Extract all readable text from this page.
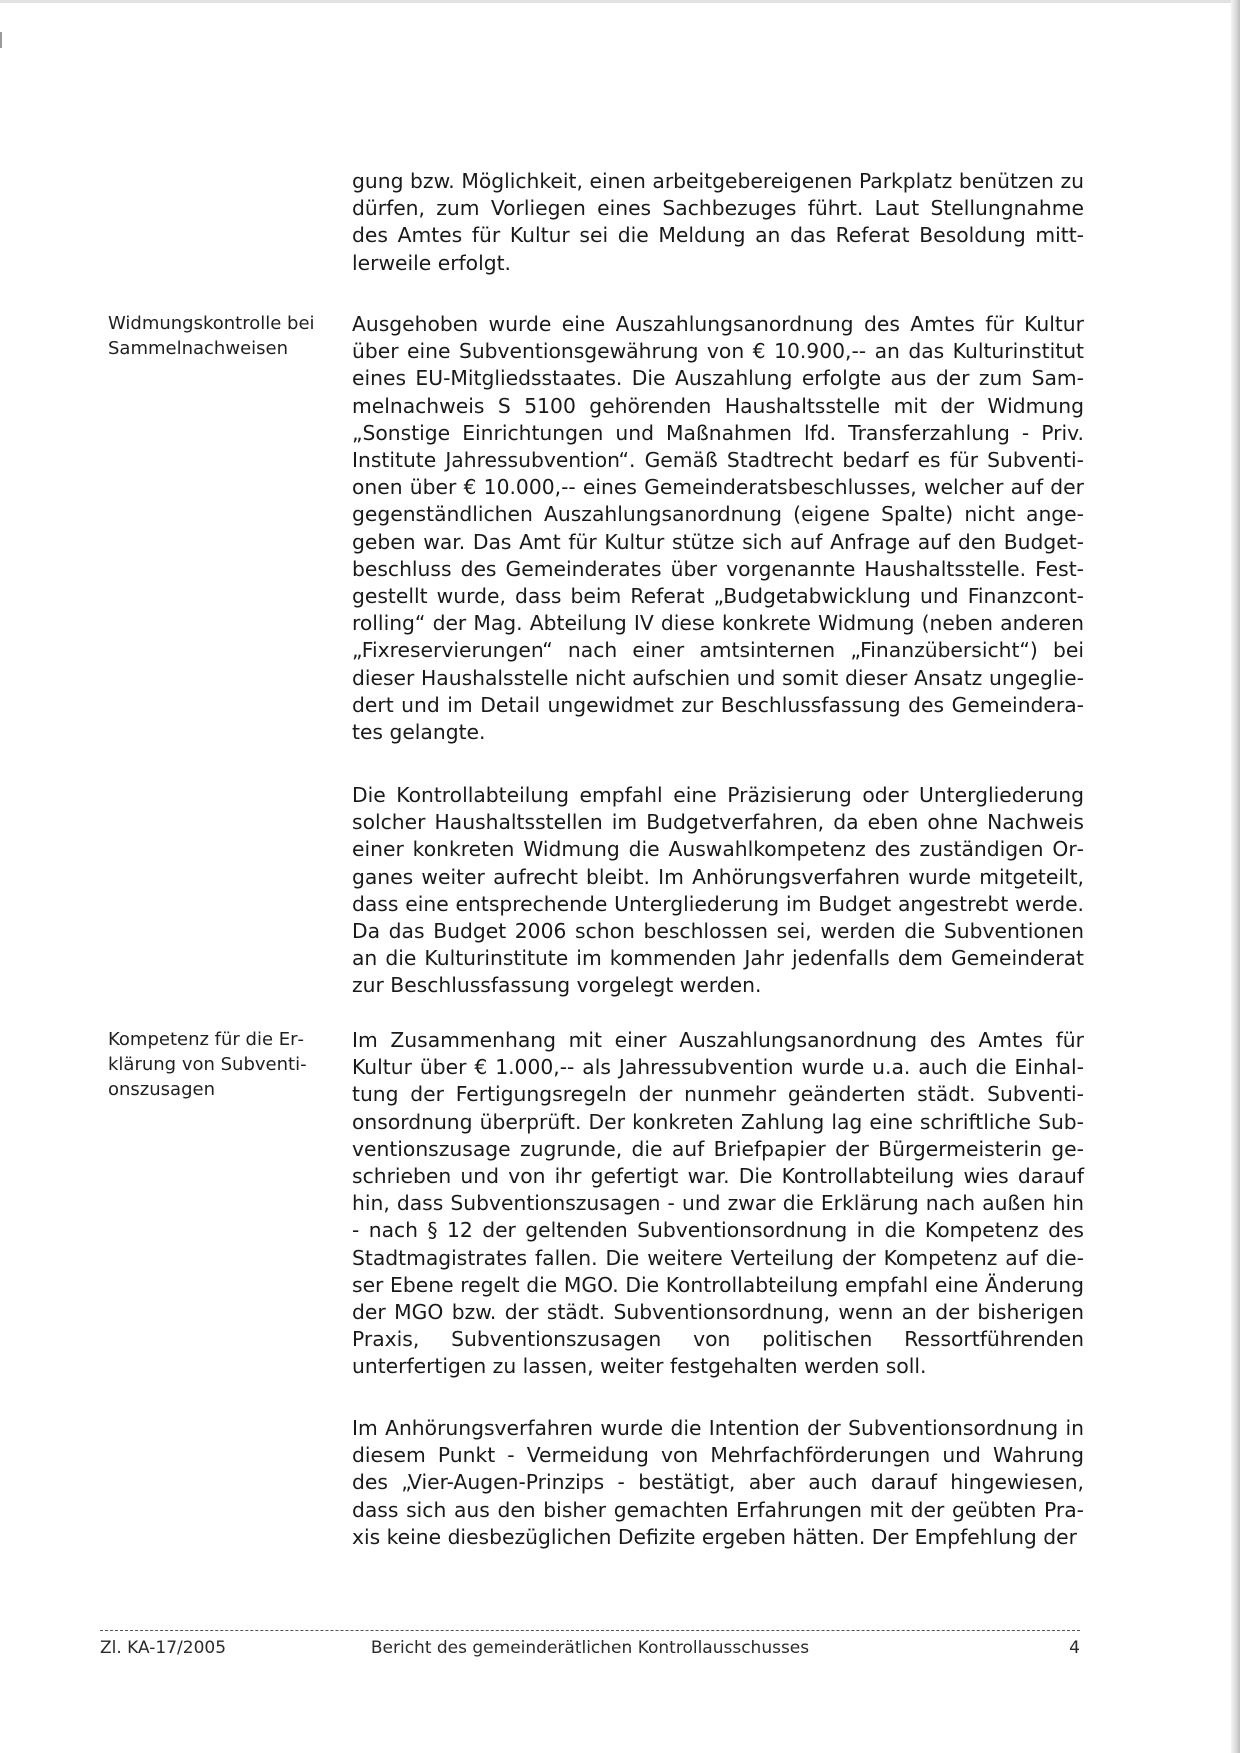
gung bzw. Möglichkeit, einen arbeitgebereigenen Parkplatz benützen zu dürfen, zum Vorliegen eines Sachbezuges führt. Laut Stellungnahme des Amtes für Kultur sei die Meldung an das Referat Besoldung mittlerweile erfolgt.
Widmungskontrolle bei Sammelnachweisen
Ausgehoben wurde eine Auszahlungsanordnung des Amtes für Kultur über eine Subventionsgewährung von € 10.900,-- an das Kulturinstitut eines EU-Mitgliedsstaates. Die Auszahlung erfolgte aus der zum Sammelnachweis S 5100 gehörenden Haushaltsstelle mit der Widmung „Sonstige Einrichtungen und Maßnahmen lfd. Transferzahlung - Priv. Institute Jahressubvention“. Gemäß Stadtrecht bedarf es für Subventionen über € 10.000,-- eines Gemeinderatsbeschlusses, welcher auf der gegenständlichen Auszahlungsanordnung (eigene Spalte) nicht angegeben war. Das Amt für Kultur stütze sich auf Anfrage auf den Budgetbeschluss des Gemeinderates über vorgenannte Haushaltsstelle. Festgestellt wurde, dass beim Referat „Budgetabwicklung und Finanzcontrolling“ der Mag. Abteilung IV diese konkrete Widmung (neben anderen „Fixreservierungen“ nach einer amtsinternen „Finanzübersicht“) bei dieser Haushalsstelle nicht aufschien und somit dieser Ansatz ungegliedert und im Detail ungewidmet zur Beschlussfassung des Gemeinderates gelangte.
Die Kontrollabteilung empfahl eine Präzisierung oder Untergliederung solcher Haushaltsstellen im Budgetverfahren, da eben ohne Nachweis einer konkreten Widmung die Auswahlkompetenz des zuständigen Organes weiter aufrecht bleibt. Im Anhörungsverfahren wurde mitgeteilt, dass eine entsprechende Untergliederung im Budget angestrebt werde. Da das Budget 2006 schon beschlossen sei, werden die Subventionen an die Kulturinstitute im kommenden Jahr jedenfalls dem Gemeinderat zur Beschlussfassung vorgelegt werden.
Kompetenz für die Erklärung von Subventionszusagen
Im Zusammenhang mit einer Auszahlungsanordnung des Amtes für Kultur über € 1.000,-- als Jahressubvention wurde u.a. auch die Einhaltung der Fertigungsregeln der nunmehr geänderten städt. Subventionsordnung überprüft. Der konkreten Zahlung lag eine schriftliche Subventionszusage zugrunde, die auf Briefpapier der Bürgermeisterin geschrieben und von ihr gefertigt war. Die Kontrollabteilung wies darauf hin, dass Subventionszusagen - und zwar die Erklärung nach außen hin - nach § 12 der geltenden Subventionsordnung in die Kompetenz des Stadtmagistrates fallen. Die weitere Verteilung der Kompetenz auf dieser Ebene regelt die MGO. Die Kontrollabteilung empfahl eine Änderung der MGO bzw. der städt. Subventionsordnung, wenn an der bisherigen Praxis, Subventionszusagen von politischen Ressortführenden unterfertigen zu lassen, weiter festgehalten werden soll.
Im Anhörungsverfahren wurde die Intention der Subventionsordnung in diesem Punkt - Vermeidung von Mehrfachförderungen und Wahrung des „Vier-Augen-Prinzips - bestätigt, aber auch darauf hingewiesen, dass sich aus den bisher gemachten Erfahrungen mit der geübten Praxis keine diesbezüglichen Defizite ergeben hätten. Der Empfehlung der
Bericht des gemeinderätlichen Kontrollausschusses
Zl. KA-17/2005	4
